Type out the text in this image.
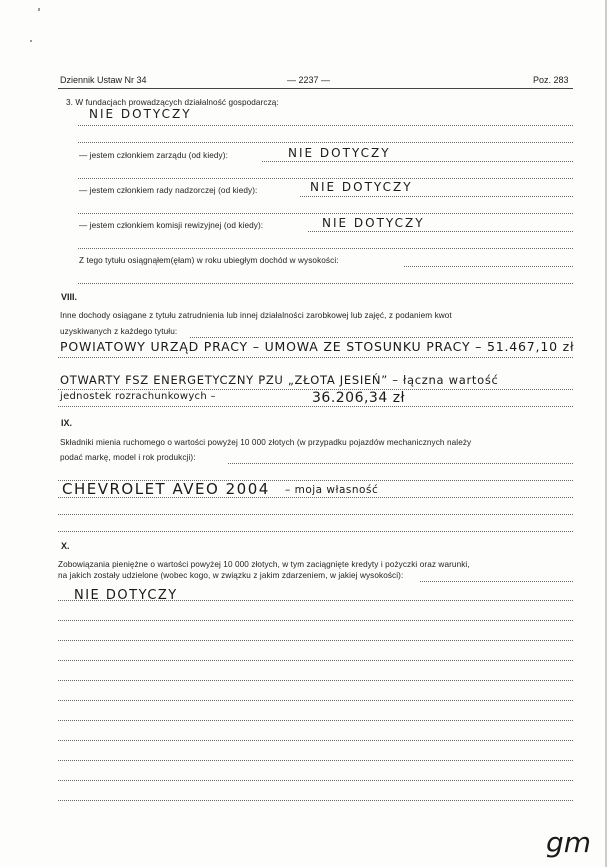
Dziennik Ustaw Nr 34	— 2237 —	Poz. 283
3. W fundacjach prowadzących działalność gospodarczą:
NIE DOTYCZY
— jestem członkiem zarządu (od kiedy):	NIE DOTYCZY
— jestem członkiem rady nadzorczej (od kiedy):	NIE DOTYCZY
— jestem członkiem komisji rewizyjnej (od kiedy):	NIE DOTYCZY
Z tego tytułu osiągnąłem(ęłam) w roku ubiegłym dochód w wysokości:
VIII.
Inne dochody osiągane z tytułu zatrudnienia lub innej działalności zarobkowej lub zajęć, z podaniem kwot
uzyskiwanych z każdego tytułu:
POWIATOWY URZĄD PRACY – UMOWA ZE STOSUNKU PRACY – 51.467,10 zł
OTWARTY FSZ ENERGETYCZNY PZU „ZŁOTA JESIEŃ” – łączna wartość
jednostek rozrachunkowych –	36.206,34 zł
IX.
Składniki mienia ruchomego o wartości powyżej 10 000 złotych (w przypadku pojazdów mechanicznych należy
podać markę, model i rok produkcji):
CHEVROLET AVEO 2004 – moja własność
X.
Zobowiązania pieniężne o wartości powyżej 10 000 złotych, w tym zaciągnięte kredyty i pożyczki oraz warunki,
na jakich zostały udzielone (wobec kogo, w związku z jakim zdarzeniem, w jakiej wysokości):
NIE DOTYCZY
gm
